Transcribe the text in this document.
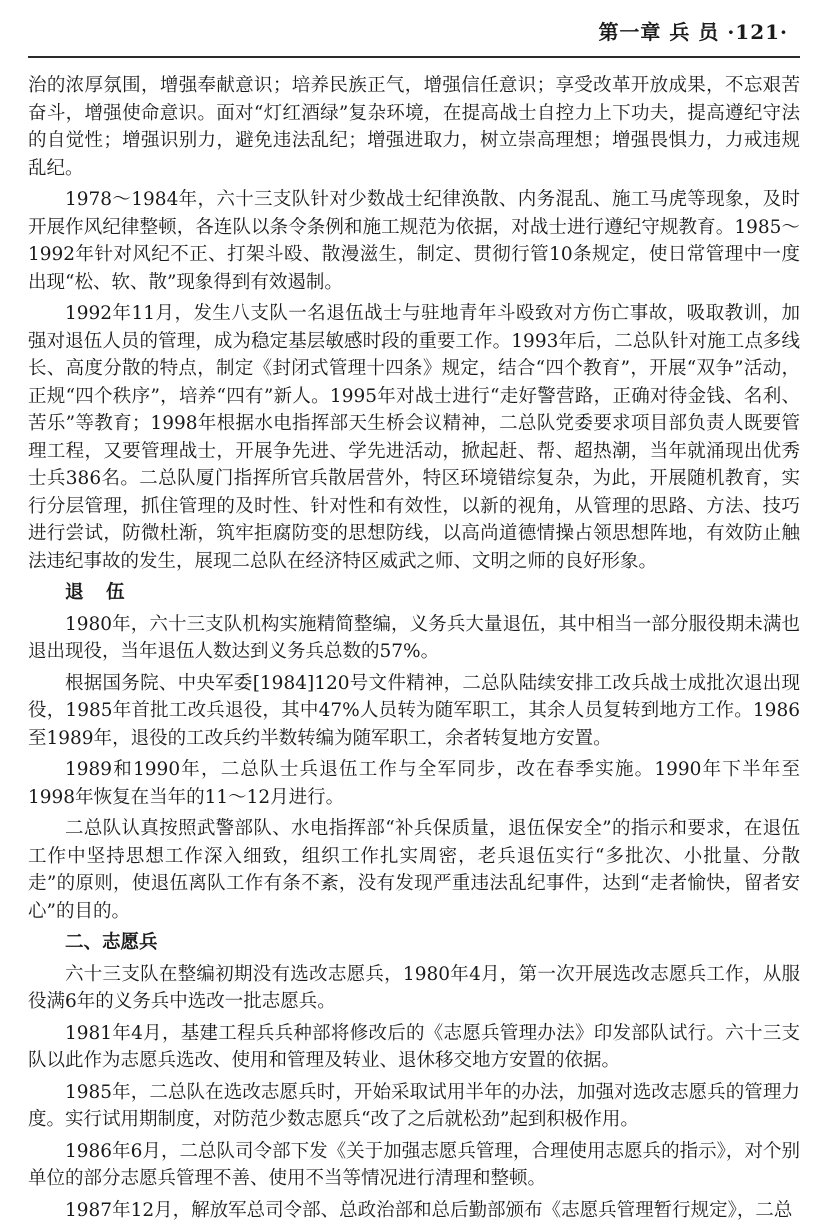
第一章 兵 员 ·121·

治的浓厚氛围，增强奉献意识；培养民族正气，增强信任意识；享受改革开放成果，不忘艰苦奋斗，增强使命意识。面对“灯红酒绿”复杂环境，在提高战士自控力上下功夫，提高遵纪守法的自觉性；增强识别力，避免违法乱纪；增强进取力，树立崇高理想；增强畏惧力，力戒违规乱纪。

1978～1984年，六十三支队针对少数战士纪律涣散、内务混乱、施工马虎等现象，及时开展作风纪律整顿，各连队以条令条例和施工规范为依据，对战士进行遵纪守规教育。1985～1992年针对风纪不正、打架斗殴、散漫滋生，制定、贯彻行管10条规定，使日常管理中一度出现“松、软、散”现象得到有效遏制。

1992年11月，发生八支队一名退伍战士与驻地青年斗殴致对方伤亡事故，吸取教训，加强对退伍人员的管理，成为稳定基层敏感时段的重要工作。1993年后，二总队针对施工点多线长、高度分散的特点，制定《封闭式管理十四条》规定，结合“四个教育”，开展“双争”活动，正规“四个秩序”，培养“四有”新人。1995年对战士进行“走好警营路，正确对待金钱、名利、苦乐”等教育；1998年根据水电指挥部天生桥会议精神，二总队党委要求项目部负责人既要管理工程，又要管理战士，开展争先进、学先进活动，掀起赶、帮、超热潮，当年就涌现出优秀士兵386名。二总队厦门指挥所官兵散居营外，特区环境错综复杂，为此，开展随机教育，实行分层管理，抓住管理的及时性、针对性和有效性，以新的视角，从管理的思路、方法、技巧进行尝试，防微杜渐，筑牢拒腐防变的思想防线，以高尚道德情操占领思想阵地，有效防止触法违纪事故的发生，展现二总队在经济特区威武之师、文明之师的良好形象。

退 伍

1980年，六十三支队机构实施精简整编，义务兵大量退伍，其中相当一部分服役期未满也退出现役，当年退伍人数达到义务兵总数的57%。

根据国务院、中央军委[1984]120号文件精神，二总队陆续安排工改兵战士成批次退出现役，1985年首批工改兵退役，其中47%人员转为随军职工，其余人员复转到地方工作。1986至1989年，退役的工改兵约半数转编为随军职工，余者转复地方安置。

1989和1990年，二总队士兵退伍工作与全军同步，改在春季实施。1990年下半年至1998年恢复在当年的11～12月进行。

二总队认真按照武警部队、水电指挥部“补兵保质量，退伍保安全”的指示和要求，在退伍工作中坚持思想工作深入细致，组织工作扎实周密，老兵退伍实行“多批次、小批量、分散走”的原则，使退伍离队工作有条不紊，没有发现严重违法乱纪事件，达到“走者愉快，留者安心”的目的。

二、志愿兵

六十三支队在整编初期没有选改志愿兵，1980年4月，第一次开展选改志愿兵工作，从服役满6年的义务兵中选改一批志愿兵。

1981年4月，基建工程兵兵种部将修改后的《志愿兵管理办法》印发部队试行。六十三支队以此作为志愿兵选改、使用和管理及转业、退休移交地方安置的依据。

1985年，二总队在选改志愿兵时，开始采取试用半年的办法，加强对选改志愿兵的管理力度。实行试用期制度，对防范少数志愿兵“改了之后就松劲”起到积极作用。

1986年6月，二总队司令部下发《关于加强志愿兵管理，合理使用志愿兵的指示》，对个别单位的部分志愿兵管理不善、使用不当等情况进行清理和整顿。

1987年12月，解放军总司令部、总政治部和总后勤部颁布《志愿兵管理暂行规定》，二总
